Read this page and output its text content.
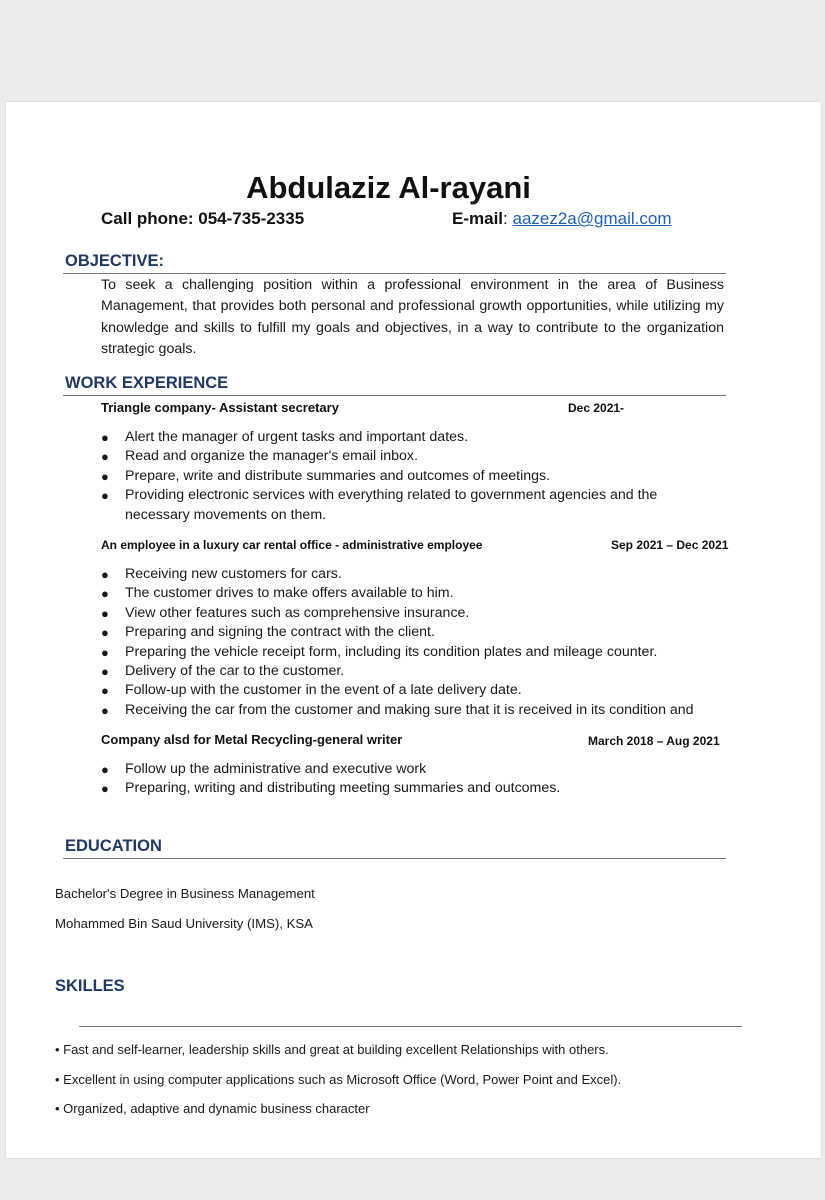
Abdulaziz Al-rayani
Call phone: 054-735-2335	E-mail: aazez2a@gmail.com
OBJECTIVE:
To seek a challenging position within a professional environment in the area of Business Management, that provides both personal and professional growth opportunities, while utilizing my knowledge and skills to fulfill my goals and objectives, in a way to contribute to the organization strategic goals.
WORK EXPERIENCE
Triangle company- Assistant secretary	Dec 2021-
● Alert the manager of urgent tasks and important dates.
● Read and organize the manager's email inbox.
● Prepare, write and distribute summaries and outcomes of meetings.
● Providing electronic services with everything related to government agencies and the necessary movements on them.
An employee in a luxury car rental office - administrative employee	Sep 2021 – Dec 2021
● Receiving new customers for cars.
● The customer drives to make offers available to him.
● View other features such as comprehensive insurance.
● Preparing and signing the contract with the client.
● Preparing the vehicle receipt form, including its condition plates and mileage counter.
● Delivery of the car to the customer.
● Follow-up with the customer in the event of a late delivery date.
● Receiving the car from the customer and making sure that it is received in its condition and
Company alsd for Metal Recycling-general writer	March 2018 – Aug 2021
● Follow up the administrative and executive work
● Preparing, writing and distributing meeting summaries and outcomes.
EDUCATION
Bachelor's Degree in Business Management
Mohammed Bin Saud University (IMS), KSA
SKILLES
• Fast and self-learner, leadership skills and great at building excellent Relationships with others.
• Excellent in using computer applications such as Microsoft Office (Word, Power Point and Excel).
• Organized, adaptive and dynamic business character
